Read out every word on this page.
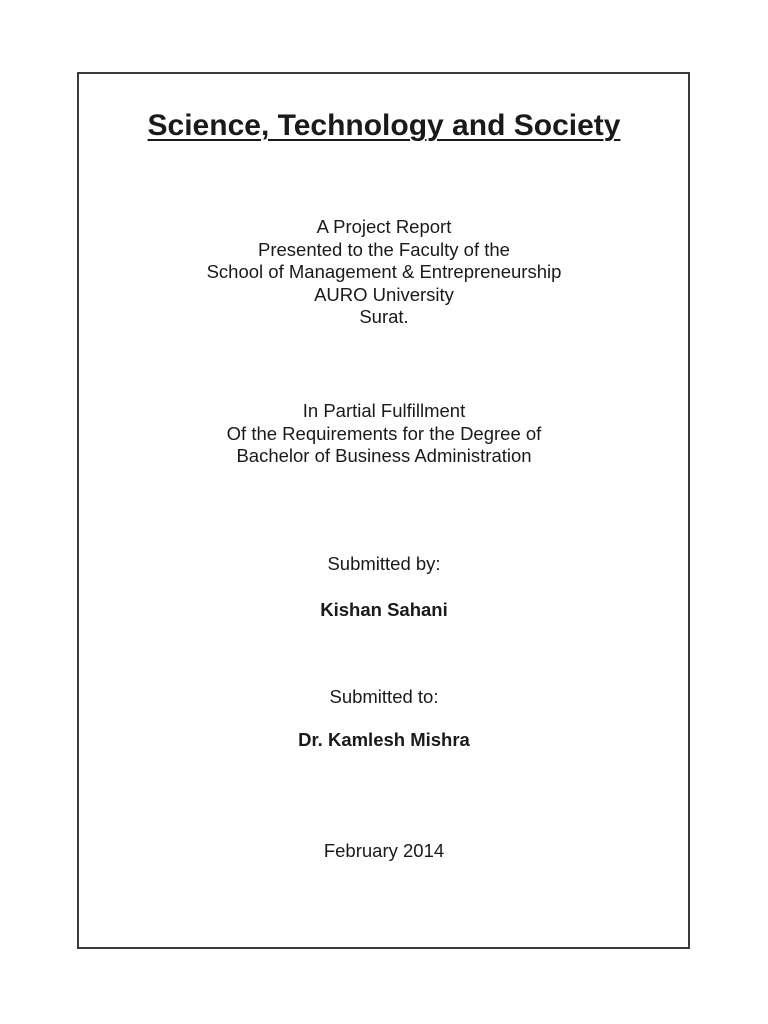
Science, Technology and Society
A Project Report
Presented to the Faculty of the
School of Management & Entrepreneurship
AURO University
Surat.
In Partial Fulfillment
Of the Requirements for the Degree of
Bachelor of Business Administration
Submitted by:
Kishan Sahani
Submitted to:
Dr. Kamlesh Mishra
February 2014
